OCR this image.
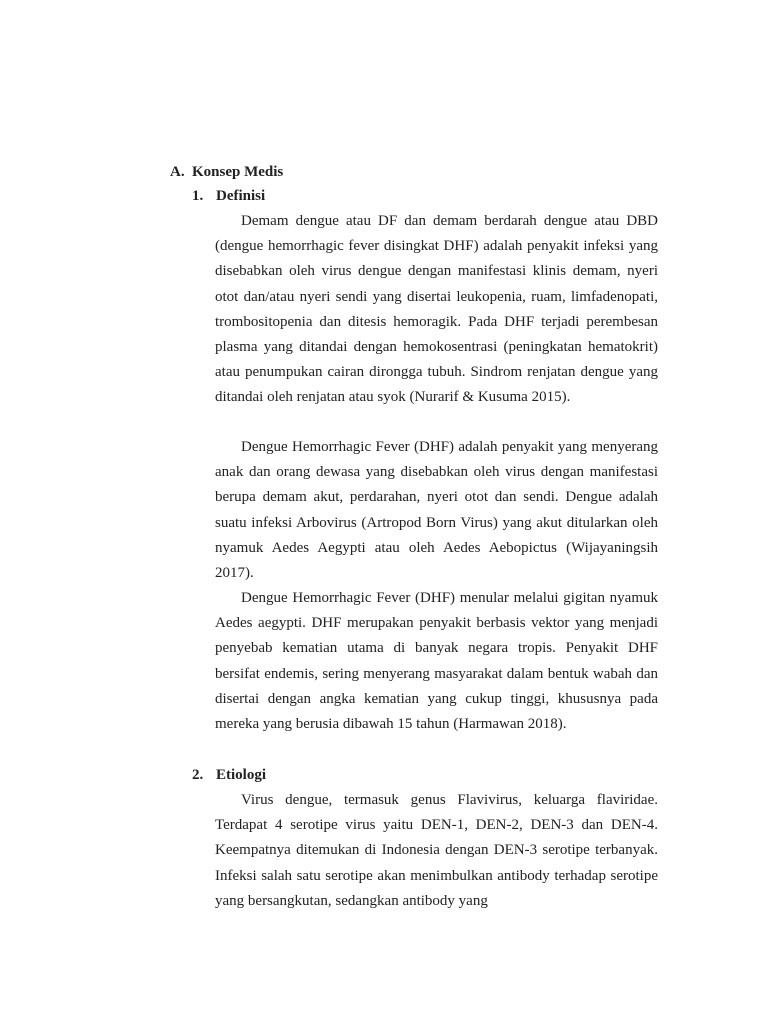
A. Konsep Medis
1. Definisi

Demam dengue atau DF dan demam berdarah dengue atau DBD (dengue hemorrhagic fever disingkat DHF) adalah penyakit infeksi yang disebabkan oleh virus dengue dengan manifestasi klinis demam, nyeri otot dan/atau nyeri sendi yang disertai leukopenia, ruam, limfadenopati, trombositopenia dan ditesis hemoragik. Pada DHF terjadi perembesan plasma yang ditandai dengan hemokosentrasi (peningkatan hematokrit) atau penumpukan cairan dirongga tubuh. Sindrom renjatan dengue yang ditandai oleh renjatan atau syok (Nurarif & Kusuma 2015).

Dengue Hemorrhagic Fever (DHF) adalah penyakit yang menyerang anak dan orang dewasa yang disebabkan oleh virus dengan manifestasi berupa demam akut, perdarahan, nyeri otot dan sendi. Dengue adalah suatu infeksi Arbovirus (Artropod Born Virus) yang akut ditularkan oleh nyamuk Aedes Aegypti atau oleh Aedes Aebopictus (Wijayaningsih 2017).

Dengue Hemorrhagic Fever (DHF) menular melalui gigitan nyamuk Aedes aegypti. DHF merupakan penyakit berbasis vektor yang menjadi penyebab kematian utama di banyak negara tropis. Penyakit DHF bersifat endemis, sering menyerang masyarakat dalam bentuk wabah dan disertai dengan angka kematian yang cukup tinggi, khususnya pada mereka yang berusia dibawah 15 tahun (Harmawan 2018).

2. Etiologi

Virus dengue, termasuk genus Flavivirus, keluarga flaviridae. Terdapat 4 serotipe virus yaitu DEN-1, DEN-2, DEN-3 dan DEN-4. Keempatnya ditemukan di Indonesia dengan DEN-3 serotipe terbanyak. Infeksi salah satu serotipe akan menimbulkan antibody terhadap serotipe yang bersangkutan, sedangkan antibody yang
